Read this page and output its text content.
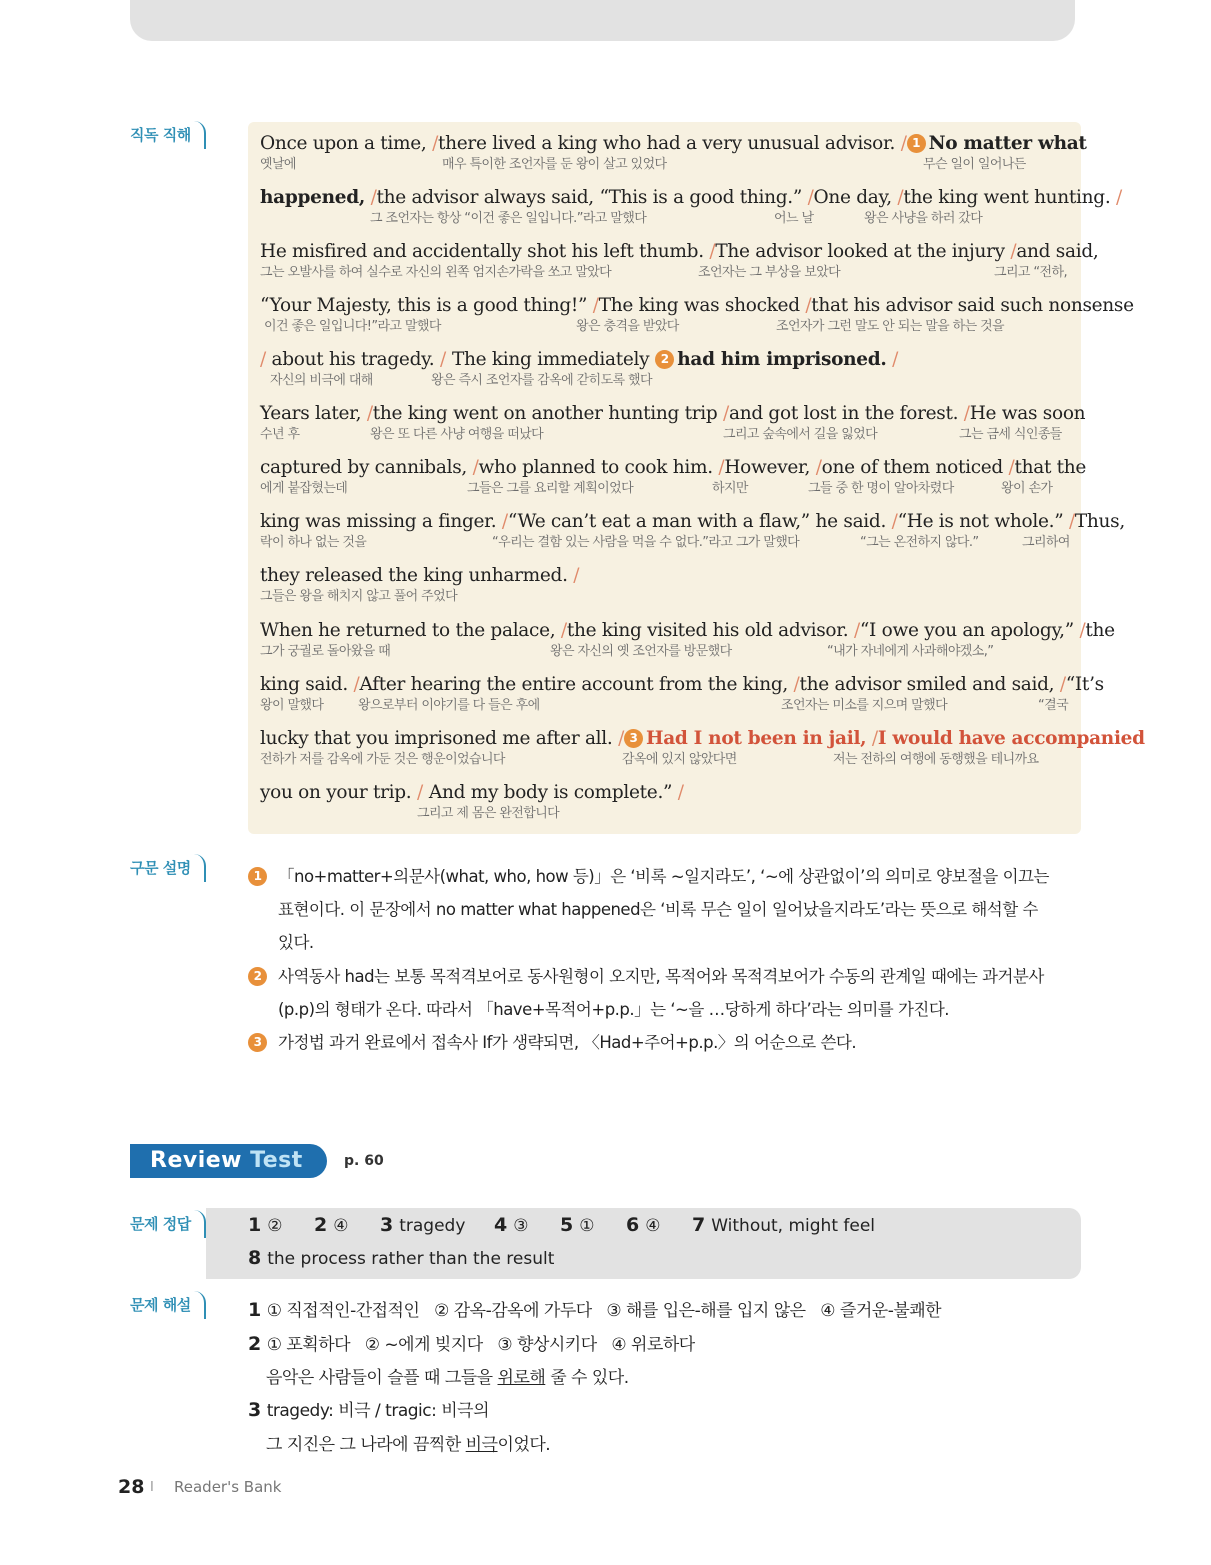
직독 직해	Once upon a time, / there lived a king who had a very unusual advisor. / 1 No matter what
옛날에	매우 특이한 조언자를 둔 왕이 살고 있었다	무슨 일이 일어나든
happened, / the advisor always said, “This is a good thing.” / One day, / the king went hunting. /
그 조언자는 항상 “이건 좋은 일입니다.”라고 말했다	어느 날	왕은 사냥을 하러 갔다
He misfired and accidentally shot his left thumb. / The advisor looked at the injury / and said,
그는 오발사를 하여 실수로 자신의 왼쪽 엄지손가락을 쏘고 말았다	조언자는 그 부상을 보았다	그리고 “전하,
“Your Majesty, this is a good thing!” / The king was shocked / that his advisor said such nonsense
이건 좋은 일입니다!”라고 말했다	왕은 충격을 받았다	조언자가 그런 말도 안 되는 말을 하는 것을
/ about his tragedy. / The king immediately 2 had him imprisoned. /
자신의 비극에 대해	왕은 즉시 조언자를 감옥에 갇히도록 했다
Years later, / the king went on another hunting trip / and got lost in the forest. / He was soon
수년 후	왕은 또 다른 사냥 여행을 떠났다	그리고 숲속에서 길을 잃었다	그는 금세 식인종들
captured by cannibals, / who planned to cook him. / However, / one of them noticed / that the
에게 붙잡혔는데	그들은 그를 요리할 계획이었다	하지만	그들 중 한 명이 알아차렸다	왕이 손가
king was missing a finger. / “We can’t eat a man with a flaw,” he said. / “He is not whole.” / Thus,
락이 하나 없는 것을	“우리는 결함 있는 사람을 먹을 수 없다.”라고 그가 말했다	“그는 온전하지 않다.”	그리하여
they released the king unharmed. /
그들은 왕을 해치지 않고 풀어 주었다
When he returned to the palace, / the king visited his old advisor. / “I owe you an apology,” / the
그가 궁궐로 돌아왔을 때	왕은 자신의 옛 조언자를 방문했다	“내가 자네에게 사과해야겠소,”
king said. / After hearing the entire account from the king, / the advisor smiled and said, / “It’s
왕이 말했다	왕으로부터 이야기를 다 들은 후에	조언자는 미소를 지으며 말했다	“결국
lucky that you imprisoned me after all. / 3 Had I not been in jail, / I would have accompanied
전하가 저를 감옥에 가둔 것은 행운이었습니다	감옥에 있지 않았다면	저는 전하의 여행에 동행했을 테니까요
you on your trip. / And my body is complete.” /
그리고 제 몸은 완전합니다
구문 설명	1	「no+matter+의문사(what, who, how 등)」은 ‘비록 ~일지라도’, ‘~에 상관없이’의 의미로 양보절을 이끄는
표현이다. 이 문장에서 no matter what happened은 ‘비록 무슨 일이 일어났을지라도’라는 뜻으로 해석할 수
있다.
2	사역동사 had는 보통 목적격보어로 동사원형이 오지만, 목적어와 목적격보어가 수동의 관계일 때에는 과거분사
(p.p)의 형태가 온다. 따라서 「have+목적어+p.p.」는 ‘~을 …당하게 하다’라는 의미를 가진다.
3	가정법 과거 완료에서 접속사 If가 생략되면, 〈Had+주어+p.p.〉의 어순으로 쓴다.
Review Test	p. 60
문제 정답	1 ② 2 ④ 3 tragedy 4 ③ 5 ① 6 ④ 7 Without, might feel
8 the process rather than the result
문제 해설	1 ① 직접적인-간접적인   ② 감옥-감옥에 가두다   ③ 해를 입은-해를 입지 않은   ④ 즐거운-불쾌한
2 ① 포획하다   ② ~에게 빚지다   ③ 향상시키다   ④ 위로하다
음악은 사람들이 슬플 때 그들을 위로해 줄 수 있다.
3 tragedy: 비극 / tragic: 비극의
그 지진은 그 나라에 끔찍한 비극이었다.
28 I Reader's Bank
